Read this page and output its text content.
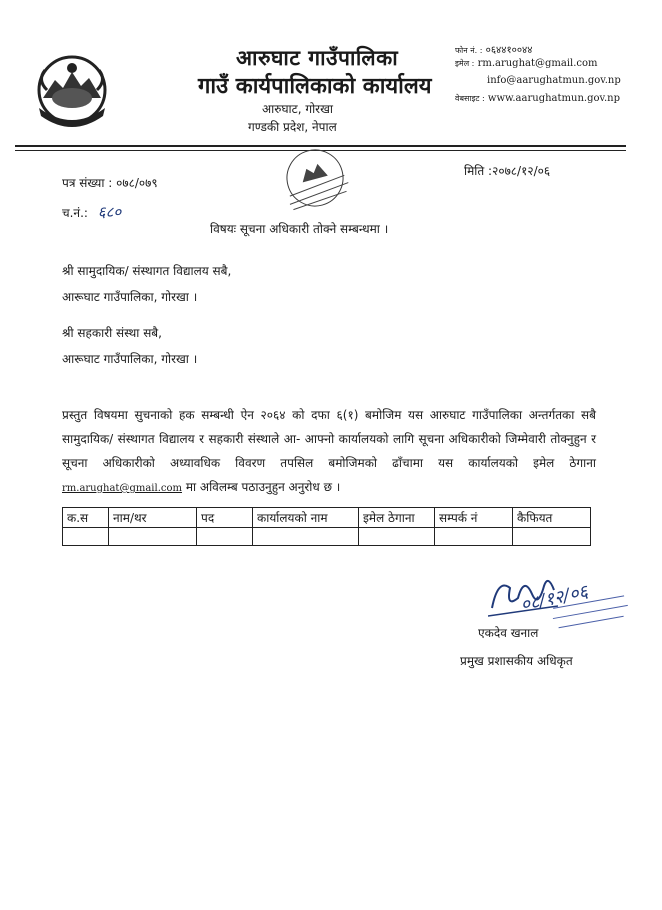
आरुघाट गाउँपालिका
गाउँ कार्यपालिकाको कार्यालय
आरुघाट, गोरखा
गण्डकी प्रदेश, नेपाल
फोन नं. : ०६४४१००४४
इमेल : rm.arughat@gmail.com
info@aarughatmun.gov.np
वेबसाइट : www.aarughatmun.gov.np
पत्र संख्या : ०७८/०७९
मिति :२०७८/१२/०६
च.नं.: ६८०
विषयः सूचना अधिकारी तोक्ने सम्बन्धमा ।
श्री सामुदायिक/ संस्थागत विद्यालय सबै,
आरूघाट गाउँपालिका, गोरखा ।
श्री सहकारी संस्था सबै,
आरूघाट गाउँपालिका, गोरखा ।
प्रस्तुत विषयमा सुचनाको हक सम्बन्धी ऐन २०६४ को दफा ६(१) बमोजिम यस आरुघाट गाउँपालिका अन्तर्गतका सबै सामुदायिक/ संस्थागत विद्यालय र सहकारी संस्थाले आ- आफ्नो कार्यालयको लागि सूचना अधिकारीको जिम्मेवारी तोक्नुहुन र सूचना अधिकारीको अध्यावधिक विवरण तपसिल बमोजिमको ढाँचामा यस कार्यालयको इमेल ठेगाना rm.arughat@gmail.com मा अविलम्ब पठाउनुहुन अनुरोध छ ।
क.स	नाम/थर	पद	कार्यालयको नाम	इमेल ठेगाना	सम्पर्क नं	कैफियत

०८/१२/०६
एकदेव खनाल
प्रमुख प्रशासकीय अधिकृत
